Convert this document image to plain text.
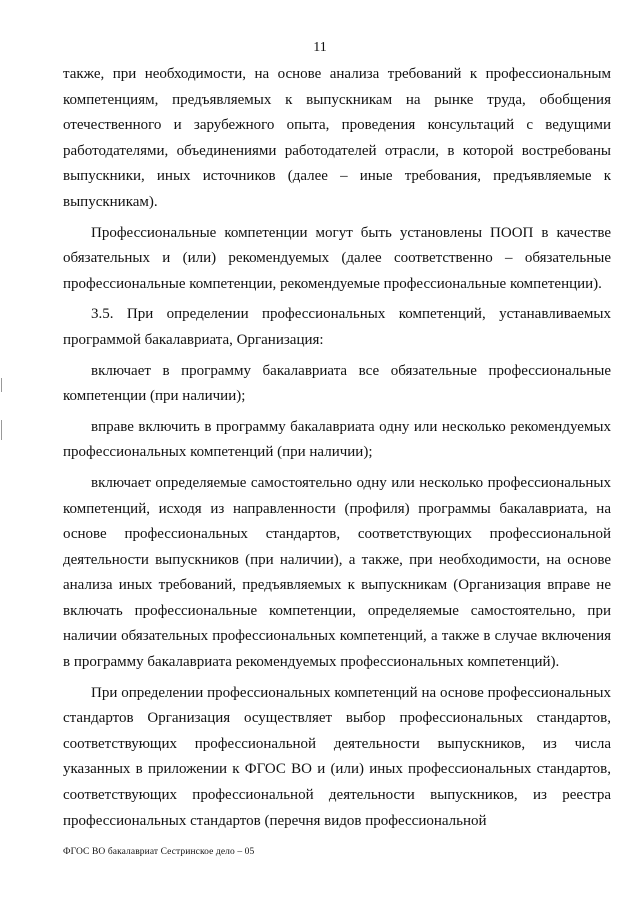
11

также, при необходимости, на основе анализа требований к профессиональным компетенциям, предъявляемых к выпускникам на рынке труда, обобщения отечественного и зарубежного опыта, проведения консультаций с ведущими работодателями, объединениями работодателей отрасли, в которой востребованы выпускники, иных источников (далее – иные требования, предъявляемые к выпускникам).

Профессиональные компетенции могут быть установлены ПООП в качестве обязательных и (или) рекомендуемых (далее соответственно – обязательные профессиональные компетенции, рекомендуемые профессиональные компетенции).

3.5. При определении профессиональных компетенций, устанавливаемых программой бакалавриата, Организация:

включает в программу бакалавриата все обязательные профессиональные компетенции (при наличии);

вправе включить в программу бакалавриата одну или несколько рекомендуемых профессиональных компетенций (при наличии);

включает определяемые самостоятельно одну или несколько профессиональных компетенций, исходя из направленности (профиля) программы бакалавриата, на основе профессиональных стандартов, соответствующих профессиональной деятельности выпускников (при наличии), а также, при необходимости, на основе анализа иных требований, предъявляемых к выпускникам (Организация вправе не включать профессиональные компетенции, определяемые самостоятельно, при наличии обязательных профессиональных компетенций, а также в случае включения в программу бакалавриата рекомендуемых профессиональных компетенций).

При определении профессиональных компетенций на основе профессиональных стандартов Организация осуществляет выбор профессиональных стандартов, соответствующих профессиональной деятельности выпускников, из числа указанных в приложении к ФГОС ВО и (или) иных профессиональных стандартов, соответствующих профессиональной деятельности выпускников, из реестра профессиональных стандартов (перечня видов профессиональной

ФГОС ВО бакалавриат Сестринское дело – 05
